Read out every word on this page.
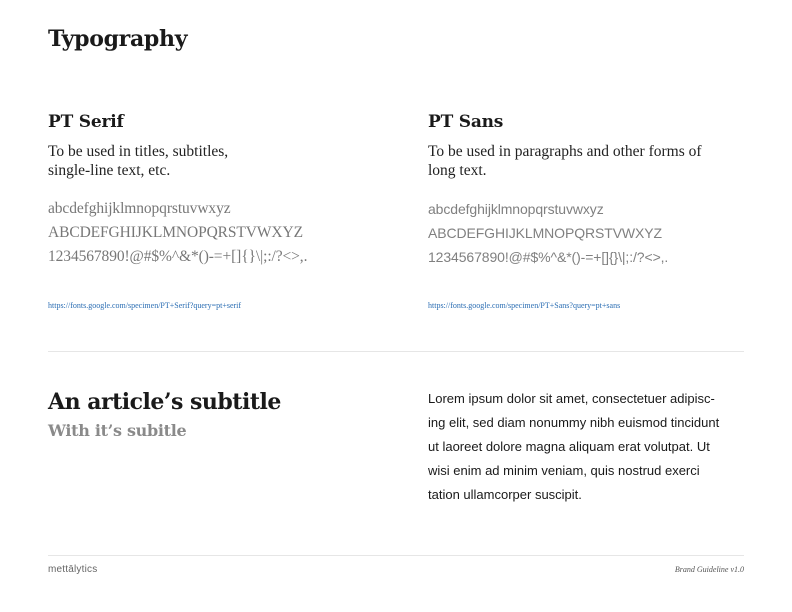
Typography
PT Serif
To be used in titles, subtitles,
single-line text, etc.
abcdefghijklmnopqrstuvwxyz
ABCDEFGHIJKLMNOPQRSTVWXYZ
1234567890!@#$%^&*()-=+[]{}\|;:/?<>,.
https://fonts.google.com/specimen/PT+Serif?query=pt+serif
PT Sans
To be used in paragraphs and other forms of
long text.
abcdefghijklmnopqrstuvwxyz
ABCDEFGHIJKLMNOPQRSTVWXYZ
1234567890!@#$%^&*()-=+[]{}\|;:/?<>,.
https://fonts.google.com/specimen/PT+Sans?query=pt+sans
An article’s subtitle
With it’s subitle
Lorem ipsum dolor sit amet, consectetuer adipisc-
ing elit, sed diam nonummy nibh euismod tincidunt
ut laoreet dolore magna aliquam erat volutpat. Ut
wisi enim ad minim veniam, quis nostrud exerci
tation ullamcorper suscipit.
mettālytics	Brand Guideline v1.0
